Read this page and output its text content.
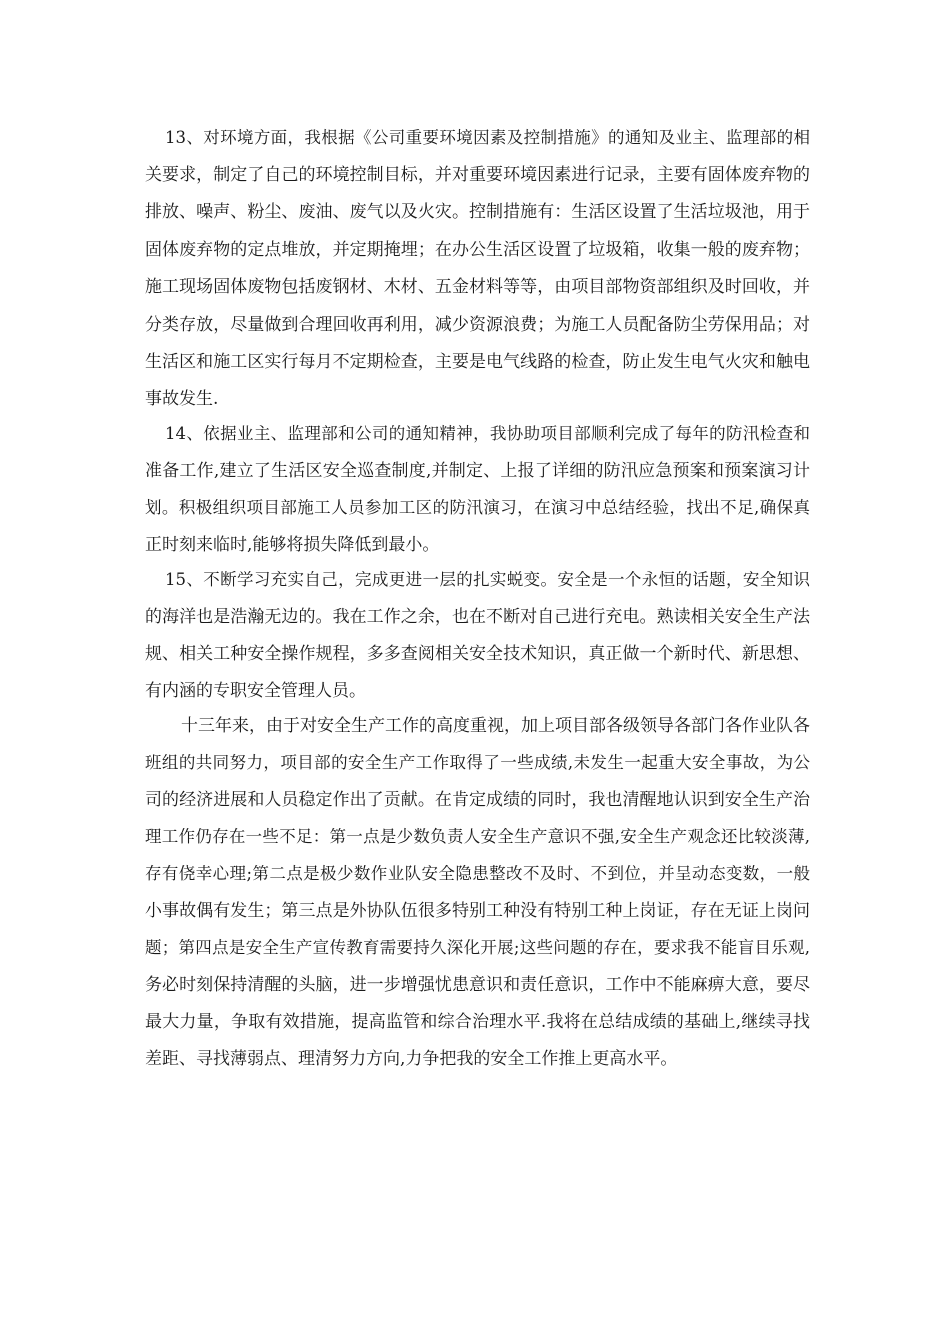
13、对环境方面，我根据《公司重要环境因素及控制措施》的通知及业主、监理部的相
关要求，制定了自己的环境控制目标，并对重要环境因素进行记录，主要有固体废弃物的
排放、噪声、粉尘、废油、废气以及火灾。控制措施有：生活区设置了生活垃圾池，用于
固体废弃物的定点堆放，并定期掩埋；在办公生活区设置了垃圾箱，收集一般的废弃物；
施工现场固体废物包括废钢材、木材、五金材料等等，由项目部物资部组织及时回收，并
分类存放，尽量做到合理回收再利用，减少资源浪费；为施工人员配备防尘劳保用品；对
生活区和施工区实行每月不定期检查，主要是电气线路的检查，防止发生电气火灾和触电
事故发生.
14、依据业主、监理部和公司的通知精神，我协助项目部顺利完成了每年的防汛检查和
准备工作,建立了生活区安全巡查制度,并制定、上报了详细的防汛应急预案和预案演习计
划。积极组织项目部施工人员参加工区的防汛演习，在演习中总结经验，找出不足,确保真
正时刻来临时,能够将损失降低到最小。
15、不断学习充实自己，完成更进一层的扎实蜕变。安全是一个永恒的话题，安全知识
的海洋也是浩瀚无边的。我在工作之余，也在不断对自己进行充电。熟读相关安全生产法
规、相关工种安全操作规程，多多查阅相关安全技术知识，真正做一个新时代、新思想、
有内涵的专职安全管理人员。
十三年来，由于对安全生产工作的高度重视，加上项目部各级领导各部门各作业队各
班组的共同努力，项目部的安全生产工作取得了一些成绩,未发生一起重大安全事故，为公
司的经济进展和人员稳定作出了贡献。在肯定成绩的同时，我也清醒地认识到安全生产治
理工作仍存在一些不足：第一点是少数负责人安全生产意识不强,安全生产观念还比较淡薄,
存有侥幸心理;第二点是极少数作业队安全隐患整改不及时、不到位，并呈动态变数，一般
小事故偶有发生；第三点是外协队伍很多特别工种没有特别工种上岗证，存在无证上岗问
题；第四点是安全生产宣传教育需要持久深化开展;这些问题的存在，要求我不能盲目乐观,
务必时刻保持清醒的头脑，进一步增强忧患意识和责任意识，工作中不能麻痹大意，要尽
最大力量，争取有效措施，提高监管和综合治理水平.我将在总结成绩的基础上,继续寻找
差距、寻找薄弱点、理清努力方向,力争把我的安全工作推上更高水平。
